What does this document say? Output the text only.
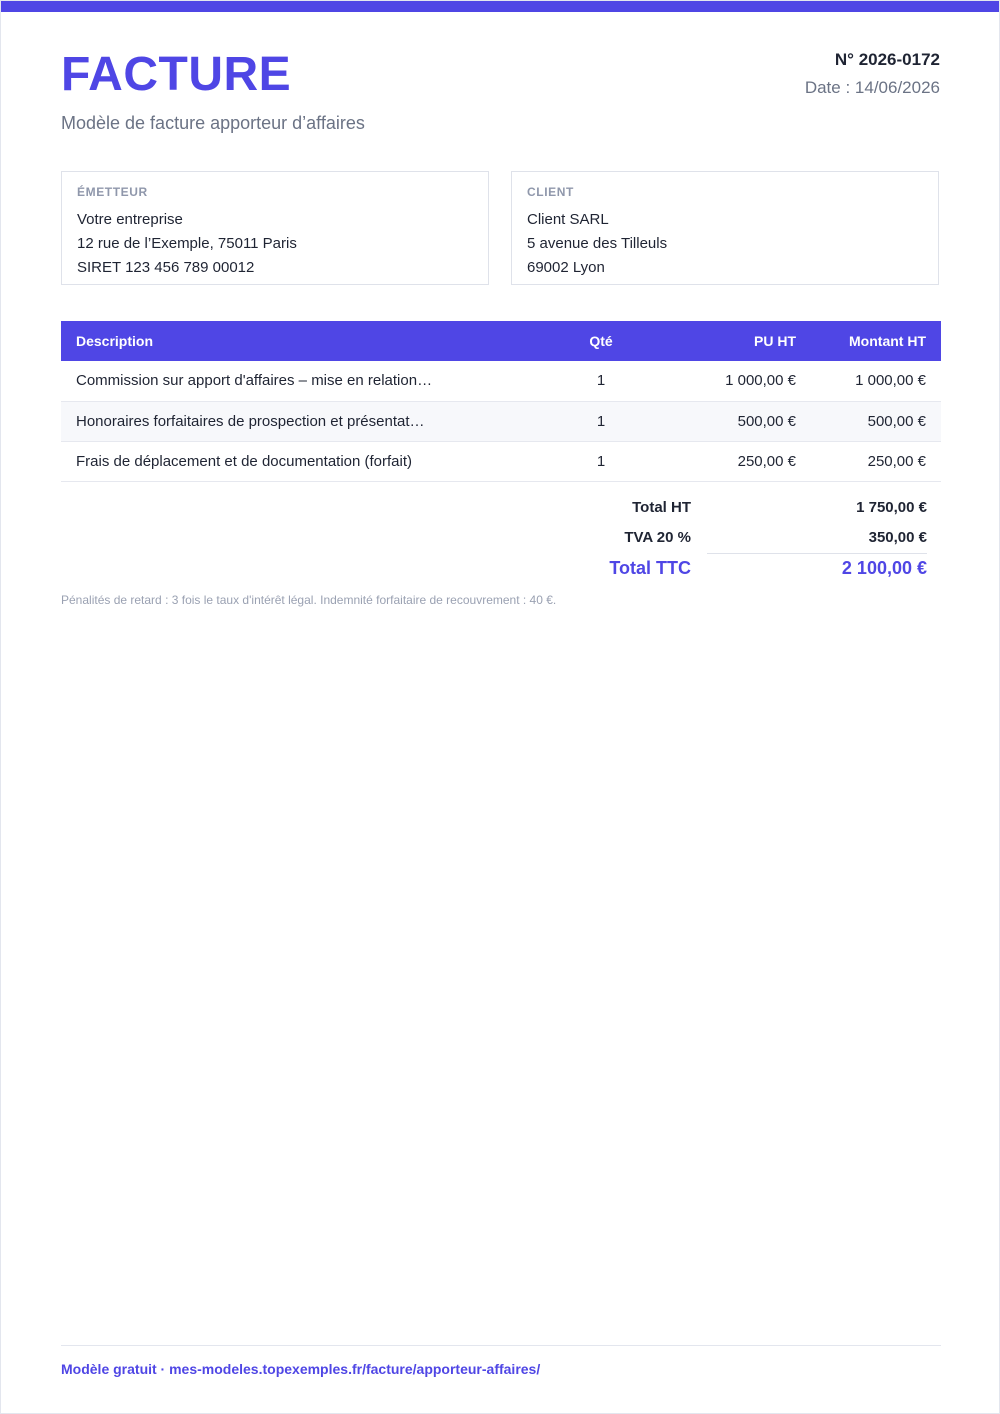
FACTURE
Modèle de facture apporteur d’affaires
N° 2026-0172
Date : 14/06/2026
ÉMETTEUR
Votre entreprise
12 rue de l’Exemple, 75011 Paris
SIRET 123 456 789 00012
CLIENT
Client SARL
5 avenue des Tilleuls
69002 Lyon
Description	Qté	PU HT	Montant HT
Commission sur apport d'affaires – mise en relation…	1	1 000,00 €	1 000,00 €
Honoraires forfaitaires de prospection et présentat…	1	500,00 €	500,00 €
Frais de déplacement et de documentation (forfait)	1	250,00 €	250,00 €
Total HT	1 750,00 €
TVA 20 %	350,00 €
Total TTC	2 100,00 €
Pénalités de retard : 3 fois le taux d'intérêt légal. Indemnité forfaitaire de recouvrement : 40 €.
Modèle gratuit · mes-modeles.topexemples.fr/facture/apporteur-affaires/
